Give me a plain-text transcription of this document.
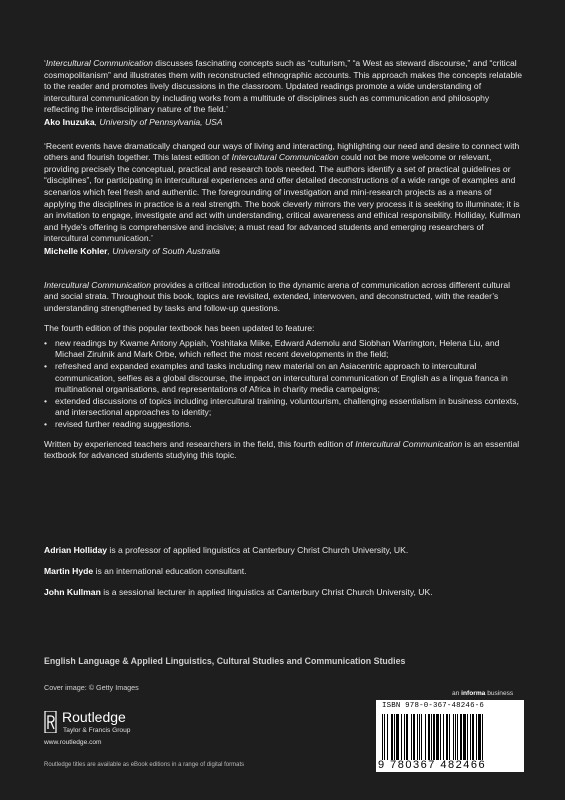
‘Intercultural Communication discusses fascinating concepts such as “culturism,” “a West as steward discourse,” and “critical cosmopolitanism” and illustrates them with reconstructed ethnographic accounts. This approach makes the concepts relatable to the reader and promotes lively discussions in the classroom. Updated readings promote a wide understanding of intercultural communication by including works from a multitude of disciplines such as communication and philosophy reflecting the interdisciplinary nature of the field.’

Ako Inuzuka, University of Pennsylvania, USA

‘Recent events have dramatically changed our ways of living and interacting, highlighting our need and desire to connect with others and flourish together. This latest edition of Intercultural Communication could not be more welcome or relevant, providing precisely the conceptual, practical and research tools needed. The authors identify a set of practical guidelines or “disciplines”, for participating in intercultural experiences and offer detailed deconstructions of a wide range of examples and scenarios which feel fresh and authentic. The foregrounding of investigation and mini-research projects as a means of applying the disciplines in practice is a real strength. The book cleverly mirrors the very process it is seeking to illuminate; it is an invitation to engage, investigate and act with understanding, critical awareness and ethical responsibility. Holliday, Kullman and Hyde’s offering is comprehensive and incisive; a must read for advanced students and emerging researchers of intercultural communication.’

Michelle Kohler, University of South Australia

Intercultural Communication provides a critical introduction to the dynamic arena of communication across different cultural and social strata. Throughout this book, topics are revisited, extended, interwoven, and deconstructed, with the reader’s understanding strengthened by tasks and follow-up questions.

The fourth edition of this popular textbook has been updated to feature:

• new readings by Kwame Antony Appiah, Yoshitaka Miike, Edward Ademolu and Siobhan Warrington, Helena Liu, and Michael Zirulnik and Mark Orbe, which reflect the most recent developments in the field;
• refreshed and expanded examples and tasks including new material on an Asiacentric approach to intercultural communication, selfies as a global discourse, the impact on intercultural communication of English as a lingua franca in multinational organisations, and representations of Africa in charity media campaigns;
• extended discussions of topics including intercultural training, voluntourism, challenging essentialism in business contexts, and intersectional approaches to identity;
• revised further reading suggestions.

Written by experienced teachers and researchers in the field, this fourth edition of Intercultural Communication is an essential textbook for advanced students studying this topic.

Adrian Holliday is a professor of applied linguistics at Canterbury Christ Church University, UK.

Martin Hyde is an international education consultant.

John Kullman is a sessional lecturer in applied linguistics at Canterbury Christ Church University, UK.

English Language & Applied Linguistics, Cultural Studies and Communication Studies
Cover image: © Getty Images
Routledge
Taylor & Francis Group
www.routledge.com
an informa business
ISBN 978-0-367-48246-6
9 780367 482466
Routledge titles are available as eBook editions in a range of digital formats
